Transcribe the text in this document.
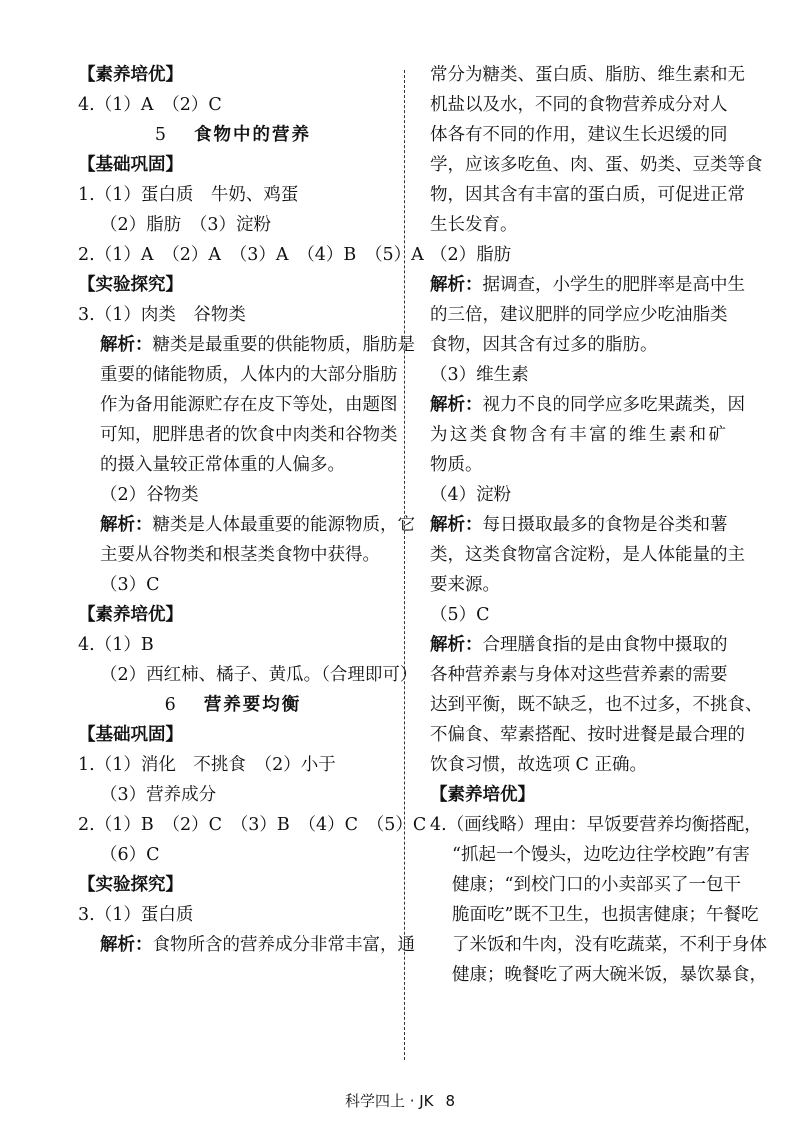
【素养培优】
4.（1）A　（2）C
5 食物中的营养
【基础巩固】
1.（1）蛋白质　牛奶、鸡蛋
（2）脂肪　（3）淀粉
2.（1）A　（2）A　（3）A　（4）B　（5）A
【实验探究】
3.（1）肉类　谷物类
解析：糖类是最重要的供能物质，脂肪是
重要的储能物质，人体内的大部分脂肪
作为备用能源贮存在皮下等处，由题图
可知，肥胖患者的饮食中肉类和谷物类
的摄入量较正常体重的人偏多。
（2）谷物类
解析：糖类是人体最重要的能源物质，它
主要从谷物类和根茎类食物中获得。
（3）C
【素养培优】
4.（1）B
（2）西红柿、橘子、黄瓜。（合理即可）
6 营养要均衡
【基础巩固】
1.（1）消化　不挑食　（2）小于
（3）营养成分
2.（1）B　（2）C　（3）B　（4）C　（5）C
（6）C
【实验探究】
3.（1）蛋白质
解析：食物所含的营养成分非常丰富，通
常分为糖类、蛋白质、脂肪、维生素和无
机盐以及水，不同的食物营养成分对人
体各有不同的作用，建议生长迟缓的同
学，应该多吃鱼、肉、蛋、奶类、豆类等食
物，因其含有丰富的蛋白质，可促进正常
生长发育。
（2）脂肪
解析：据调查，小学生的肥胖率是高中生
的三倍，建议肥胖的同学应少吃油脂类
食物，因其含有过多的脂肪。
（3）维生素
解析：视力不良的同学应多吃果蔬类，因
为这类食物含有丰富的维生素和矿
物质。
（4）淀粉
解析：每日摄取最多的食物是谷类和薯
类，这类食物富含淀粉，是人体能量的主
要来源。
（5）C
解析：合理膳食指的是由食物中摄取的
各种营养素与身体对这些营养素的需要
达到平衡，既不缺乏，也不过多，不挑食、
不偏食、荤素搭配、按时进餐是最合理的
饮食习惯，故选项 C 正确。
【素养培优】
4.（画线略）理由：早饭要营养均衡搭配，
“抓起一个馒头，边吃边往学校跑”有害
健康；“到校门口的小卖部买了一包干
脆面吃”既不卫生，也损害健康；午餐吃
了米饭和牛肉，没有吃蔬菜，不利于身体
健康；晚餐吃了两大碗米饭，暴饮暴食，
科学四上 · JK 8
